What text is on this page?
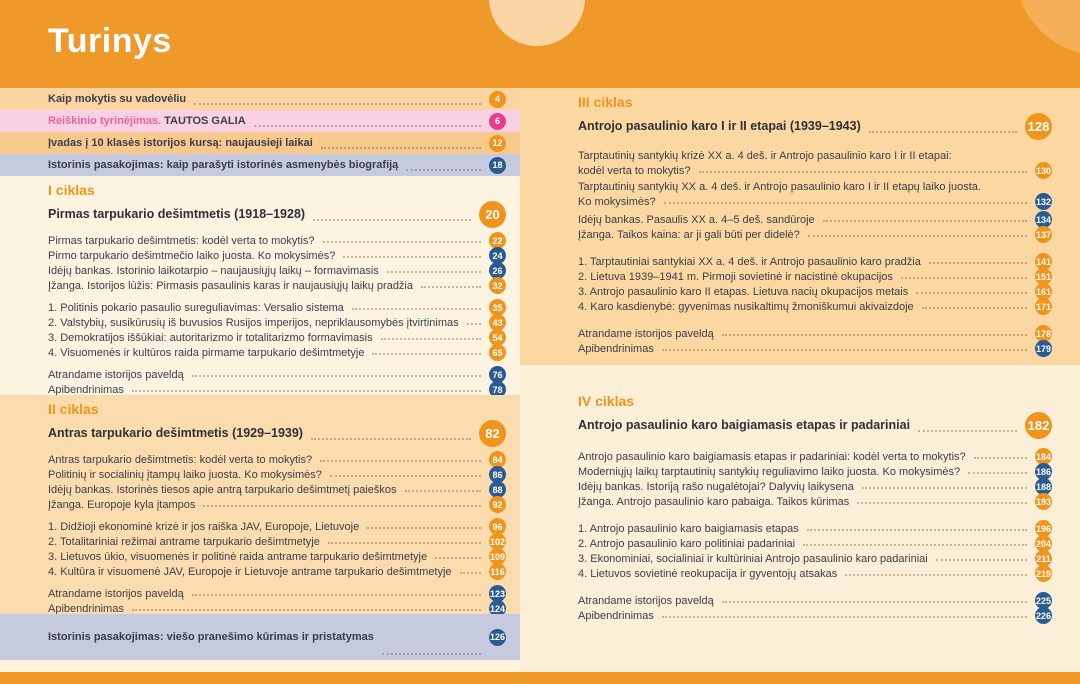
Turinys
Kaip mokytis su vadovėliu	4
Reiškinio tyrinėjimas. TAUTOS GALIA	6
Įvadas į 10 klasės istorijos kursą: naujausieji laikai	12
Istorinis pasakojimas: kaip parašyti istorinės asmenybės biografiją	18
I ciklas
Pirmas tarpukario dešimtmetis (1918–1928)	20
Pirmas tarpukario dešimtmetis: kodėl verta to mokytis?	22
Pirmo tarpukario dešimtmečio laiko juosta. Ko mokysimės?	24
Idėjų bankas. Istorinio laikotarpio – naujausiųjų laikų – formavimasis	26
Įžanga. Istorijos lūžis: Pirmasis pasaulinis karas ir naujausiųjų laikų pradžia	32
1. Politinis pokario pasaulio sureguliavimas: Versalio sistema	35
2. Valstybių, susikūrusių iš buvusios Rusijos imperijos, nepriklausomybės įtvirtinimas	43
3. Demokratijos iššūkiai: autoritarizmo ir totalitarizmo formavimasis	54
4. Visuomenės ir kultūros raida pirmame tarpukario dešimtmetyje	65
Atrandame istorijos paveldą	76
Apibendrinimas	78
II ciklas
Antras tarpukario dešimtmetis (1929–1939)	82
Antras tarpukario dešimtmetis: kodėl verta to mokytis?	84
Politinių ir socialinių įtampų laiko juosta. Ko mokysimės?	86
Idėjų bankas. Istorinės tiesos apie antrą tarpukario dešimtmetį paieškos	88
Įžanga. Europoje kyla įtampos	92
1. Didžioji ekonominė krizė ir jos raiška JAV, Europoje, Lietuvoje	96
2. Totalitariniai režimai antrame tarpukario dešimtmetyje	102
3. Lietuvos ūkio, visuomenės ir politinė raida antrame tarpukario dešimtmetyje	109
4. Kultūra ir visuomenė JAV, Europoje ir Lietuvoje antrame tarpukario dešimtmetyje	116
Atrandame istorijos paveldą	123
Apibendrinimas	124
Istorinis pasakojimas: viešo pranešimo kūrimas ir pristatymas	126
III ciklas
Antrojo pasaulinio karo I ir II etapai (1939–1943)	128
Tarptautinių santykių krizė XX a. 4 deš. ir Antrojo pasaulinio karo I ir II etapai:
kodėl verta to mokytis?	130
Tarptautinių santykių XX a. 4 deš. ir Antrojo pasaulinio karo I ir II etapų laiko juosta.
Ko mokysimės?	132
Idėjų bankas. Pasaulis XX a. 4–5 deš. sandūroje	134
Įžanga. Taikos kaina: ar ji gali būti per didelė?	137
1. Tarptautiniai santykiai XX a. 4 deš. ir Antrojo pasaulinio karo pradžia	141
2. Lietuva 1939–1941 m. Pirmoji sovietinė ir nacistinė okupacijos	151
3. Antrojo pasaulinio karo II etapas. Lietuva nacių okupacijos metais	161
4. Karo kasdienybė: gyvenimas nusikaltimų žmoniškumui akivaizdoje	171
Atrandame istorijos paveldą	178
Apibendrinimas	179
IV ciklas
Antrojo pasaulinio karo baigiamasis etapas ir padariniai	182
Antrojo pasaulinio karo baigiamasis etapas ir padariniai: kodėl verta to mokytis?	184
Moderniųjų laikų tarptautinių santykių reguliavimo laiko juosta. Ko mokysimės?	186
Idėjų bankas. Istoriją rašo nugalėtojai? Dalyvių laikysena	188
Įžanga. Antrojo pasaulinio karo pabaiga. Taikos kūrimas	193
1. Antrojo pasaulinio karo baigiamasis etapas	196
2. Antrojo pasaulinio karo politiniai padariniai	204
3. Ekonominiai, socialiniai ir kultūriniai Antrojo pasaulinio karo padariniai	211
4. Lietuvos sovietinė reokupacija ir gyventojų atsakas	219
Atrandame istorijos paveldą	225
Apibendrinimas	226
